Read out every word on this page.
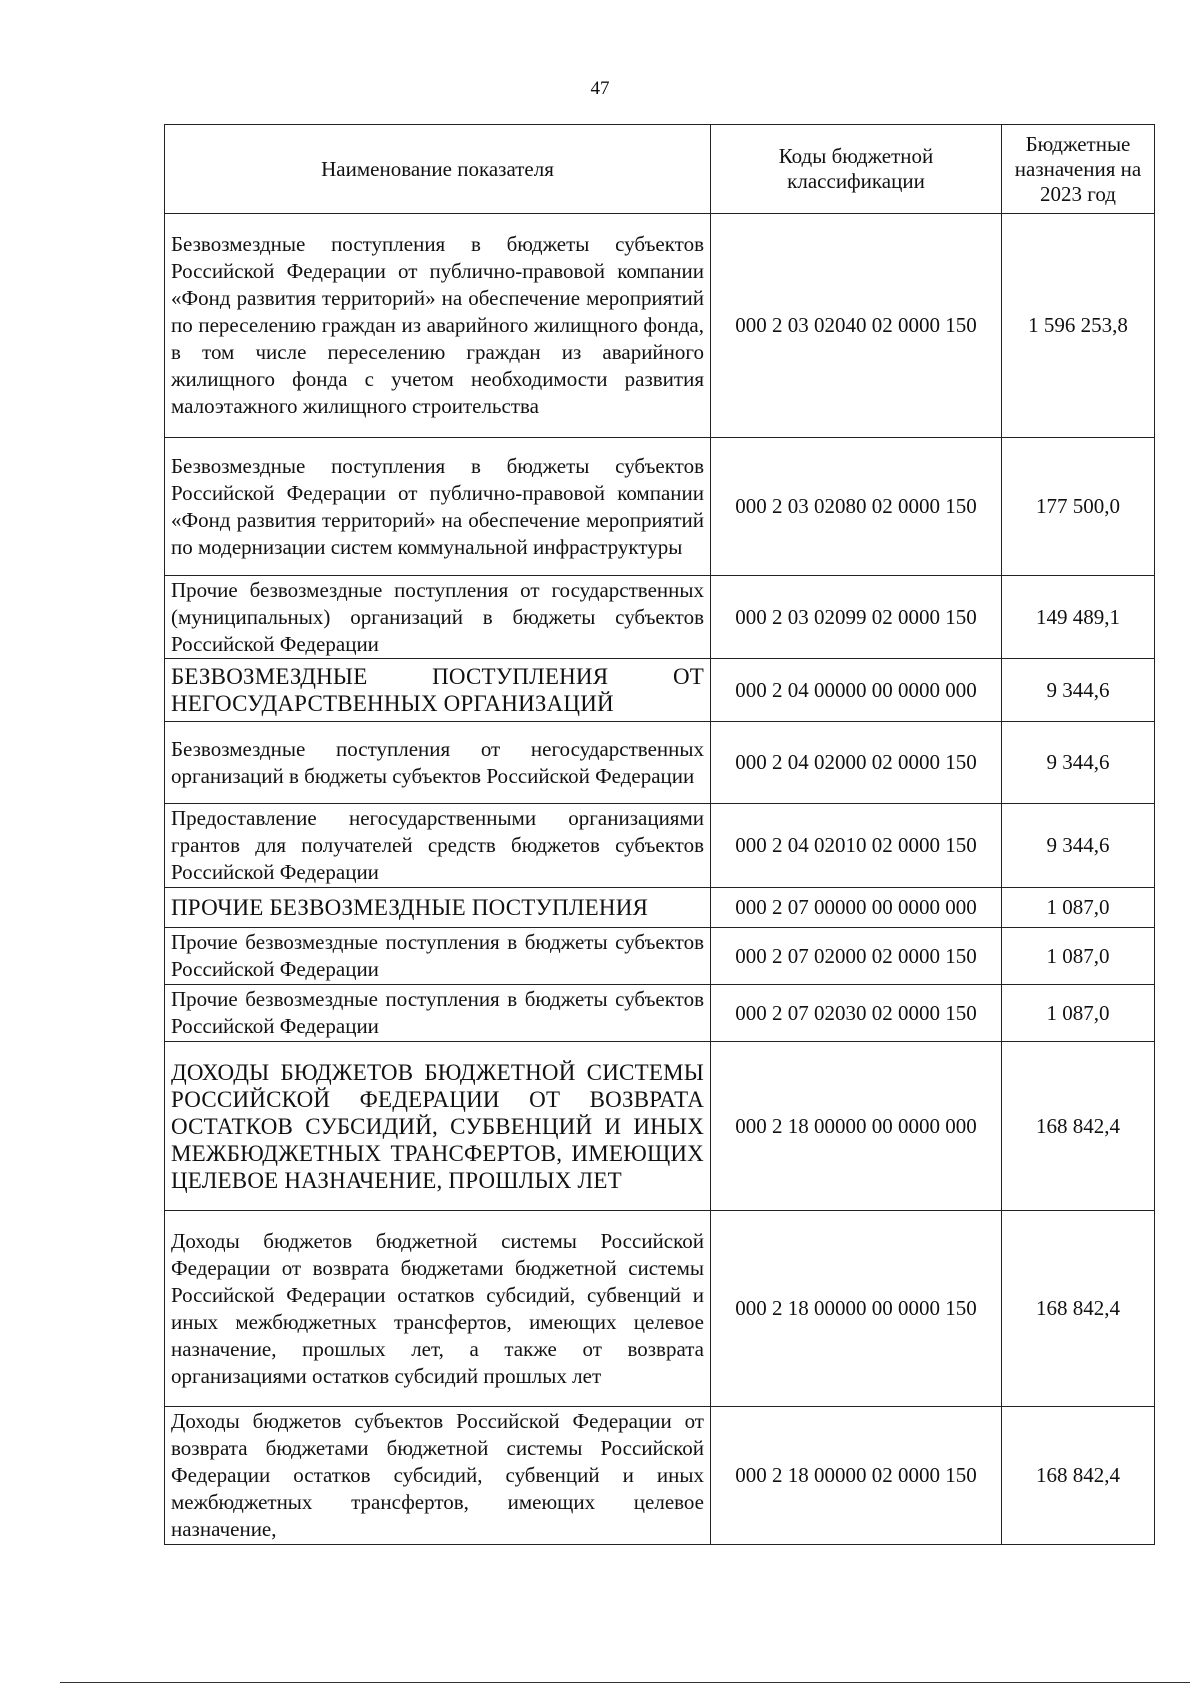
47
Наименование показателя	Коды бюджетной классификации	Бюджетные назначения на 2023 год
Безвозмездные поступления в бюджеты субъектов Российской Федерации от публично-правовой компании «Фонд развития территорий» на обеспечение мероприятий по переселению граждан из аварийного жилищного фонда, в том числе переселению граждан из аварийного жилищного фонда с учетом необходимости развития малоэтажного жилищного строительства	000 2 03 02040 02 0000 150	1 596 253,8
Безвозмездные поступления в бюджеты субъектов Российской Федерации от публично-правовой компании «Фонд развития территорий» на обеспечение мероприятий по модернизации систем коммунальной инфраструктуры	000 2 03 02080 02 0000 150	177 500,0
Прочие безвозмездные поступления от государственных (муниципальных) организаций в бюджеты субъектов Российской Федерации	000 2 03 02099 02 0000 150	149 489,1
БЕЗВОЗМЕЗДНЫЕ ПОСТУПЛЕНИЯ ОТ НЕГОСУДАРСТВЕННЫХ ОРГАНИЗАЦИЙ	000 2 04 00000 00 0000 000	9 344,6
Безвозмездные поступления от негосударственных организаций в бюджеты субъектов Российской Федерации	000 2 04 02000 02 0000 150	9 344,6
Предоставление негосударственными организациями грантов для получателей средств бюджетов субъектов Российской Федерации	000 2 04 02010 02 0000 150	9 344,6
ПРОЧИЕ БЕЗВОЗМЕЗДНЫЕ ПОСТУПЛЕНИЯ	000 2 07 00000 00 0000 000	1 087,0
Прочие безвозмездные поступления в бюджеты субъектов Российской Федерации	000 2 07 02000 02 0000 150	1 087,0
Прочие безвозмездные поступления в бюджеты субъектов Российской Федерации	000 2 07 02030 02 0000 150	1 087,0
ДОХОДЫ БЮДЖЕТОВ БЮДЖЕТНОЙ СИСТЕМЫ РОССИЙСКОЙ ФЕДЕРАЦИИ ОТ ВОЗВРАТА ОСТАТКОВ СУБСИДИЙ, СУБВЕНЦИЙ И ИНЫХ МЕЖБЮДЖЕТНЫХ ТРАНСФЕРТОВ, ИМЕЮЩИХ ЦЕЛЕВОЕ НАЗНАЧЕНИЕ, ПРОШЛЫХ ЛЕТ	000 2 18 00000 00 0000 000	168 842,4
Доходы бюджетов бюджетной системы Российской Федерации от возврата бюджетами бюджетной системы Российской Федерации остатков субсидий, субвенций и иных межбюджетных трансфертов, имеющих целевое назначение, прошлых лет, а также от возврата организациями остатков субсидий прошлых лет	000 2 18 00000 00 0000 150	168 842,4
Доходы бюджетов субъектов Российской Федерации от возврата бюджетами бюджетной системы Российской Федерации остатков субсидий, субвенций и иных межбюджетных трансфертов, имеющих целевое назначение,	000 2 18 00000 02 0000 150	168 842,4
